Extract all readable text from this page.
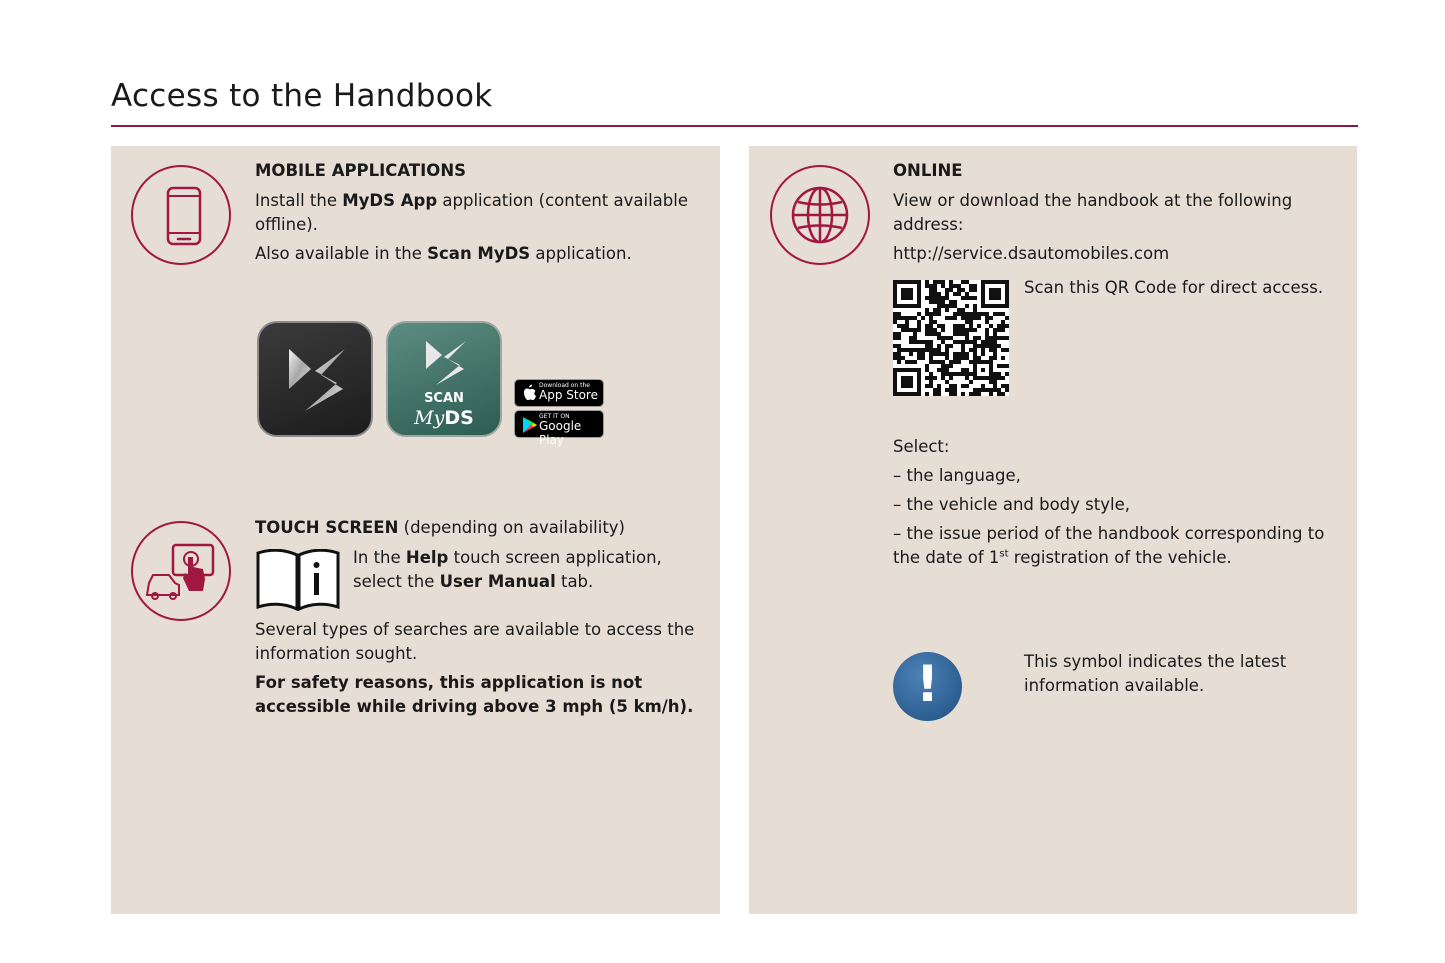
Access to the Handbook
MOBILE APPLICATIONS
Install the MyDS App application (content available offline).
Also available in the Scan MyDS application.
SCAN
MyDS
Download on the
App Store
GET IT ON
Google Play
TOUCH SCREEN (depending on availability)
In the Help touch screen application, select the User Manual tab.
Several types of searches are available to access the information sought.
For safety reasons, this application is not accessible while driving above 3 mph (5 km/h).
ONLINE
View or download the handbook at the following address:
http://service.dsautomobiles.com
Scan this QR Code for direct access.
Select:
– the language,
– the vehicle and body style,
– the issue period of the handbook corresponding to the date of 1st registration of the vehicle.
!	This symbol indicates the latest information available.
